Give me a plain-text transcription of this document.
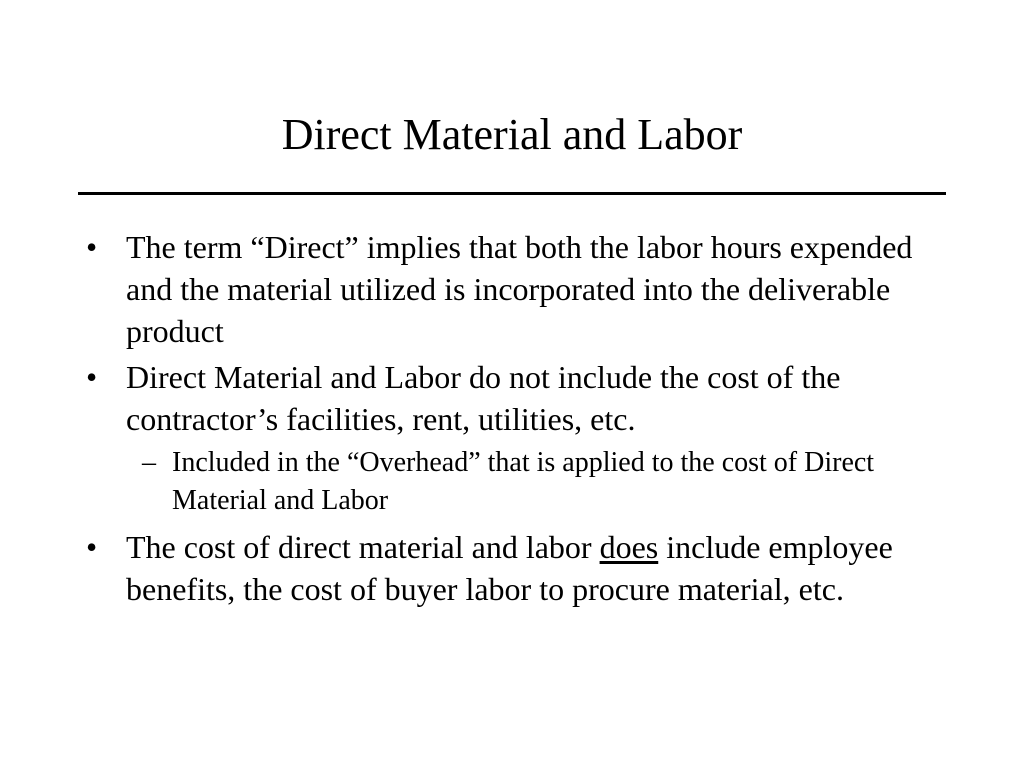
Direct Material and Labor
• The term “Direct” implies that both the labor hours expended and the material utilized is incorporated into the deliverable product
• Direct Material and Labor do not include the cost of the contractor’s facilities, rent, utilities, etc.
– Included in the “Overhead” that is applied to the cost of Direct Material and Labor
• The cost of direct material and labor does include employee benefits, the cost of buyer labor to procure material, etc.
